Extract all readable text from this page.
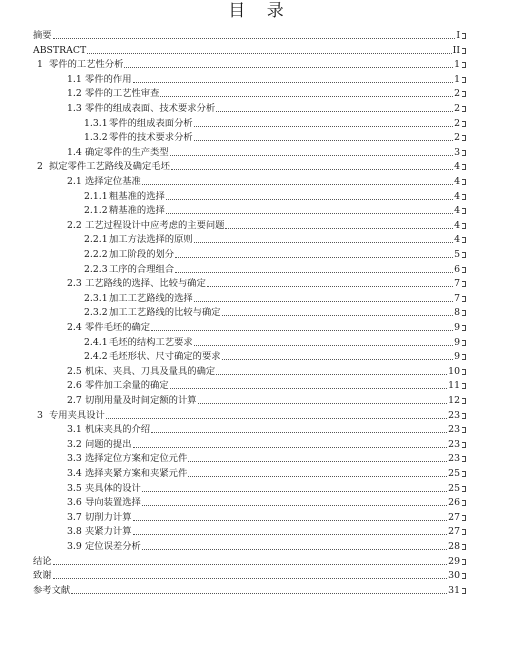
目 录
摘要	I
ABSTRACT	II
1 零件的工艺性分析	1
1.1 零件的作用	1
1.2 零件的工艺性审查	2
1.3 零件的组成表面、技术要求分析	2
1.3.1零件的组成表面分析	2
1.3.2零件的技术要求分析	2
1.4 确定零件的生产类型	3
2 拟定零件工艺路线及确定毛坯	4
2.1 选择定位基准	4
2.1.1粗基准的选择	4
2.1.2精基准的选择	4
2.2 工艺过程设计中应考虑的主要问题	4
2.2.1加工方法选择的原则	4
2.2.2加工阶段的划分	5
2.2.3工序的合理组合	6
2.3 工艺路线的选择、比较与确定	7
2.3.1加工工艺路线的选择	7
2.3.2加工工艺路线的比较与确定	8
2.4 零件毛坯的确定	9
2.4.1毛坯的结构工艺要求	9
2.4.2毛坯形状、尺寸确定的要求	9
2.5 机床、夹具、刀具及量具的确定	10
2.6 零件加工余量的确定	11
2.7 切削用量及时间定额的计算	12
3 专用夹具设计	23
3.1 机床夹具的介绍	23
3.2 问题的提出	23
3.3 选择定位方案和定位元件	23
3.4 选择夹紧方案和夹紧元件	25
3.5 夹具体的设计	25
3.6 导向装置选择	26
3.7 切削力计算	27
3.8 夹紧力计算	27
3.9 定位误差分析	28
结论	29
致谢	30
参考文献	31
